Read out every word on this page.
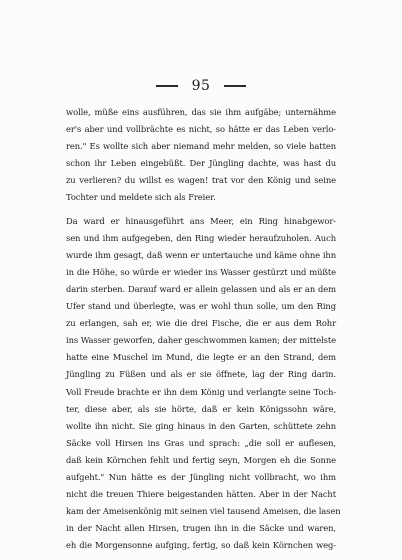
95
wolle, müße eins ausführen, das sie ihm aufgäbe; unternähme
er's aber und vollbrächte es nicht, so hätte er das Leben verlo-
ren." Es wollte sich aber niemand mehr melden, so viele hatten
schon ihr Leben eingebüßt. Der Jüngling dachte, was hast du
zu verlieren? du willst es wagen! trat vor den König und seine
Tochter und meldete sich als Freier.
Da ward er hinausgeführt ans Meer, ein Ring hinabgewor-
sen und ihm aufgegeben, den Ring wieder heraufzuholen. Auch
wurde ihm gesagt, daß wenn er untertauche und käme ohne ihn
in die Höhe, so würde er wieder ins Wasser gestürzt und müßte
darin sterben. Darauf ward er allein gelassen und als er an dem
Ufer stand und überlegte, was er wohl thun solle, um den Ring
zu erlangen, sah er, wie die drei Fische, die er aus dem Rohr
ins Wasser geworfen, daher geschwommen kamen; der mittelste
hatte eine Muschel im Mund, die legte er an den Strand, dem
Jüngling zu Füßen und als er sie öffnete, lag der Ring darin.
Voll Freude brachte er ihn dem König und verlangte seine Toch-
ter, diese aber, als sie hörte, daß er kein Königssohn wäre,
wollte ihn nicht. Sie ging hinaus in den Garten, schüttete zehn
Säcke voll Hirsen ins Gras und sprach: „die soll er auflesen,
daß kein Körnchen fehlt und fertig seyn, Morgen eh die Sonne
aufgeht." Nun hätte es der Jüngling nicht vollbracht, wo ihm
nicht die treuen Thiere beigestanden hätten. Aber in der Nacht
kam der Ameisenkönig mit seinen viel tausend Ameisen, die lasen
in der Nacht allen Hirsen, trugen ihn in die Säcke und waren,
eh die Morgensonne aufging, fertig, so daß kein Körnchen weg-
